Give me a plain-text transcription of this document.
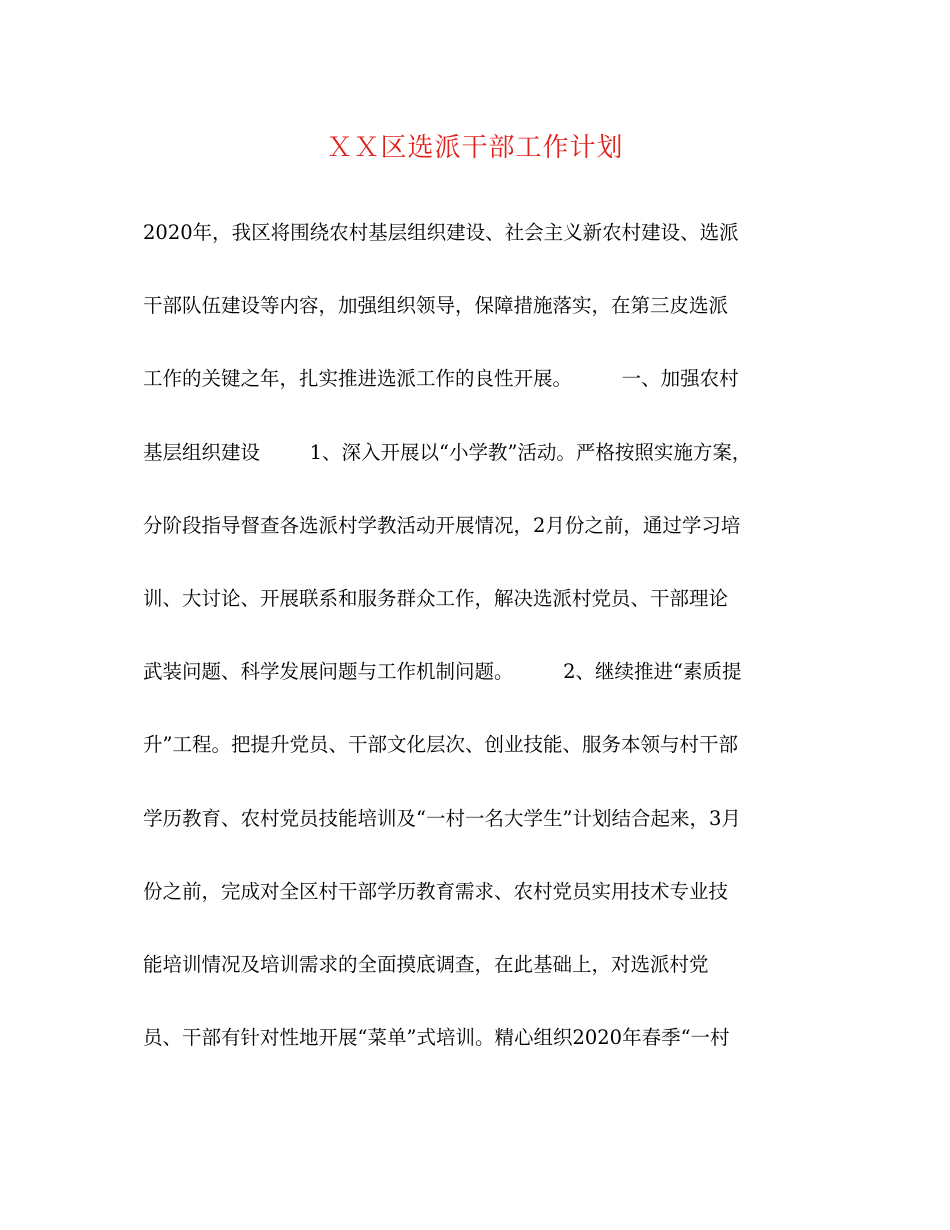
ＸＸ区选派干部工作计划
2020年，我区将围绕农村基层组织建设、社会主义新农村建设、选派
干部队伍建设等内容，加强组织领导，保障措施落实，在第三皮选派
工作的关键之年，扎实推进选派工作的良性开展。        一、加强农村
基层组织建设        1、深入开展以“小学教”活动。严格按照实施方案，
分阶段指导督查各选派村学教活动开展情况，2月份之前，通过学习培
训、大讨论、开展联系和服务群众工作，解决选派村党员、干部理论
武装问题、科学发展问题与工作机制问题。        2、继续推进“素质提
升”工程。把提升党员、干部文化层次、创业技能、服务本领与村干部
学历教育、农村党员技能培训及“一村一名大学生”计划结合起来，3月
份之前，完成对全区村干部学历教育需求、农村党员实用技术专业技
能培训情况及培训需求的全面摸底调查，在此基础上，对选派村党
员、干部有针对性地开展“菜单”式培训。精心组织2020年春季“一村
